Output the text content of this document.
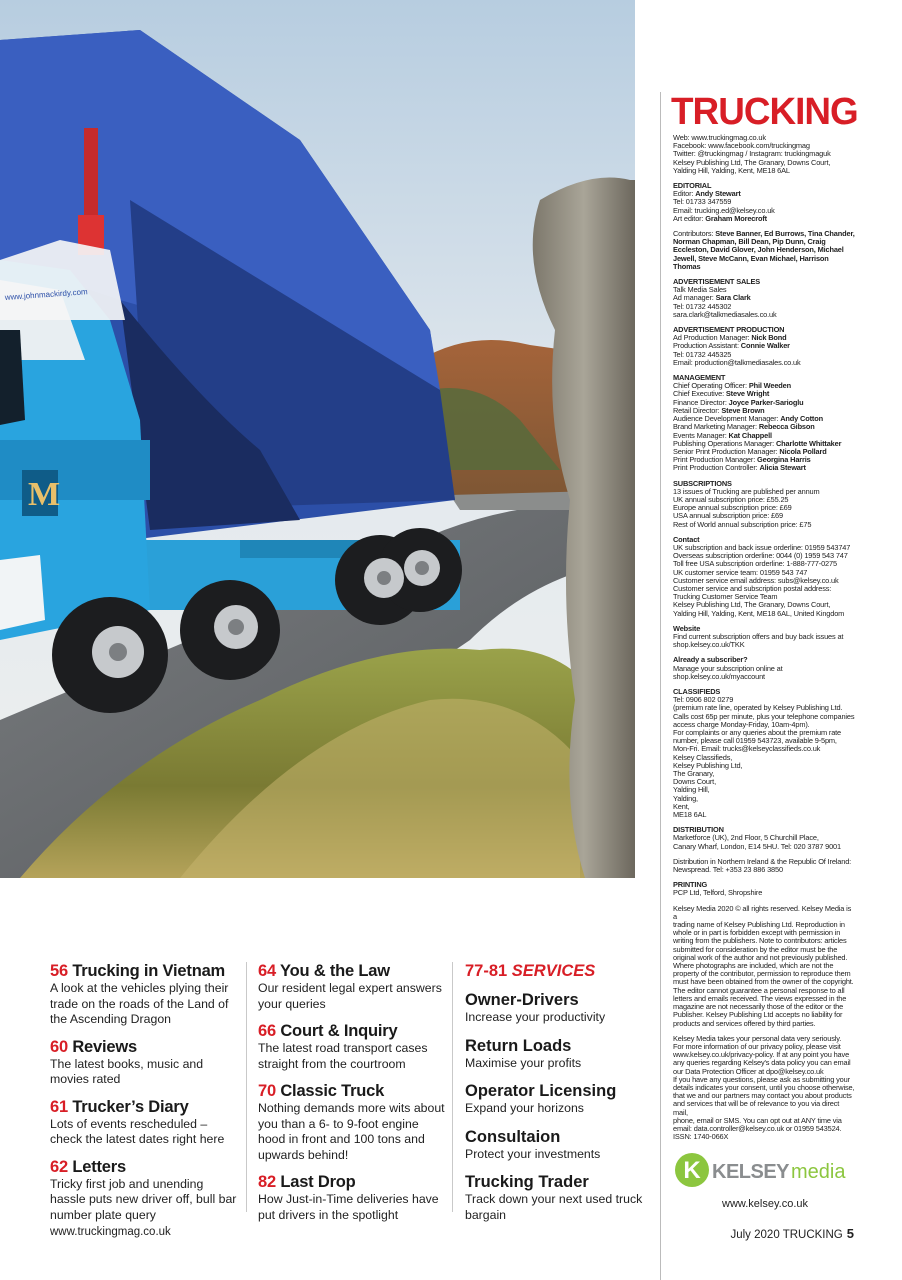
www.johnmackirdy.com
M
TRUCKING
Web: www.truckingmag.co.uk
Facebook: www.facebook.com/truckingmag
Twitter: @truckingmag / Instagram: truckingmaguk
Kelsey Publishing Ltd, The Granary, Downs Court,
Yalding Hill, Yalding, Kent, ME18 6AL
EDITORIAL
Editor: Andy Stewart
Tel: 01733 347559
Email: trucking.ed@kelsey.co.uk
Art editor: Graham Morecroft
Contributors: Steve Banner, Ed Burrows, Tina Chander, Norman Chapman, Bill Dean, Pip Dunn, Craig Eccleston, David Glover, John Henderson, Michael Jewell, Steve McCann, Evan Michael, Harrison Thomas
ADVERTISEMENT SALES
Talk Media Sales
Ad manager: Sara Clark
Tel: 01732 445302
sara.clark@talkmediasales.co.uk
ADVERTISEMENT PRODUCTION
Ad Production Manager: Nick Bond
Production Assistant: Connie Walker
Tel: 01732 445325
Email: production@talkmediasales.co.uk
MANAGEMENT
Chief Operating Officer: Phil Weeden
Chief Executive: Steve Wright
Finance Director: Joyce Parker-Sarioglu
Retail Director: Steve Brown
Audience Development Manager: Andy Cotton
Brand Marketing Manager: Rebecca Gibson
Events Manager: Kat Chappell
Publishing Operations Manager: Charlotte Whittaker
Senior Print Production Manager: Nicola Pollard
Print Production Manager: Georgina Harris
Print Production Controller: Alicia Stewart
SUBSCRIPTIONS
13 issues of Trucking are published per annum
UK annual subscription price: £55.25
Europe annual subscription price: £69
USA annual subscription price: £69
Rest of World annual subscription price: £75
Contact
UK subscription and back issue orderline: 01959 543747
Overseas subscription orderline: 0044 (0) 1959 543 747
Toll free USA subscription orderline: 1-888-777-0275
UK customer service team: 01959 543 747
Customer service email address: subs@kelsey.co.uk
Customer service and subscription postal address:
Trucking Customer Service Team
Kelsey Publishing Ltd, The Granary, Downs Court,
Yalding Hill, Yalding, Kent, ME18 6AL, United Kingdom
Website
Find current subscription offers and buy back issues at
shop.kelsey.co.uk/TKK
Already a subscriber?
Manage your subscription online at
shop.kelsey.co.uk/myaccount
CLASSIFIEDS
Tel: 0906 802 0279
(premium rate line, operated by Kelsey Publishing Ltd.
Calls cost 65p per minute, plus your telephone companies
access charge Monday-Friday, 10am-4pm).
For complaints or any queries about the premium rate
number, please call 01959 543723, available 9-5pm,
Mon-Fri. Email: trucks@kelseyclassifieds.co.uk
Kelsey Classifieds,
Kelsey Publishing Ltd,
The Granary,
Downs Court,
Yalding Hill,
Yalding,
Kent,
ME18 6AL
DISTRIBUTION
Marketforce (UK), 2nd Floor, 5 Churchill Place,
Canary Wharf, London, E14 5HU. Tel: 020 3787 9001
Distribution in Northern Ireland & the Republic Of Ireland:
Newspread. Tel: +353 23 886 3850
PRINTING
PCP Ltd, Telford, Shropshire
Kelsey Media 2020 © all rights reserved. Kelsey Media is a
trading name of Kelsey Publishing Ltd. Reproduction in
whole or in part is forbidden except with permission in
writing from the publishers. Note to contributors: articles
submitted for consideration by the editor must be the
original work of the author and not previously published.
Where photographs are included, which are not the
property of the contributor, permission to reproduce them
must have been obtained from the owner of the copyright.
The editor cannot guarantee a personal response to all
letters and emails received. The views expressed in the
magazine are not necessarily those of the editor or the
Publisher. Kelsey Publishing Ltd accepts no liability for
products and services offered by third parties.
Kelsey Media takes your personal data very seriously.
For more information of our privacy policy, please visit
www.kelsey.co.uk/privacy-policy. If at any point you have
any queries regarding Kelsey's data policy you can email
our Data Protection Officer at dpo@kelsey.co.uk
If you have any questions, please ask as submitting your
details indicates your consent, until you choose otherwise,
that we and our partners may contact you about products
and services that will be of relevance to you via direct mail,
phone, email or SMS. You can opt out at ANY time via
email: data.controller@kelsey.co.uk or 01959 543524.
ISSN: 1740-066X
K KELSEY media
www.kelsey.co.uk
56 Trucking in Vietnam
A look at the vehicles plying their trade on the roads of the Land of the Ascending Dragon
60 Reviews
The latest books, music and movies rated
61 Trucker’s Diary
Lots of events rescheduled – check the latest dates right here
62 Letters
Tricky first job and unending hassle puts new driver off, bull bar number plate query
64 You & the Law
Our resident legal expert answers your queries
66 Court & Inquiry
The latest road transport cases straight from the courtroom
70 Classic Truck
Nothing demands more wits about you than a 6- to 9-foot engine hood in front and 100 tons and upwards behind!
82 Last Drop
How Just-in-Time deliveries have put drivers in the spotlight
77-81 SERVICES
Owner-Drivers
Increase your productivity
Return Loads
Maximise your profits
Operator Licensing
Expand your horizons
Consultaion
Protect your investments
Trucking Trader
Track down your next used truck bargain
www.truckingmag.co.uk	July 2020 TRUCKING 5
